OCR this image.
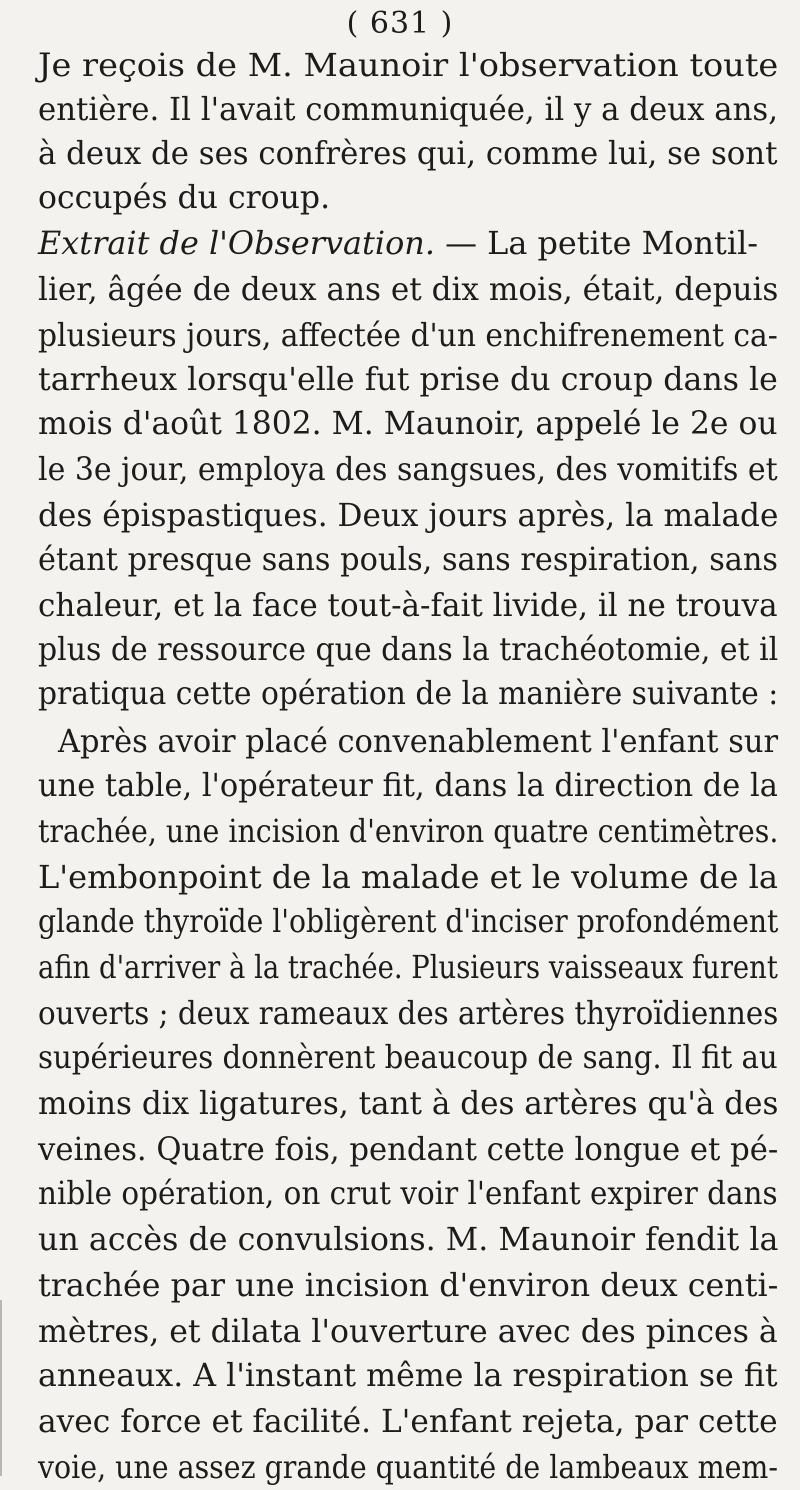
( 631 )
Je reçois de M. Maunoir l'observation toute
entière. Il l'avait communiquée, il y a deux ans,
à deux de ses confrères qui, comme lui, se sont
occupés du croup.
Extrait de l'Observation. — La petite Montil-
lier, âgée de deux ans et dix mois, était, depuis
plusieurs jours, affectée d'un enchifrenement ca-
tarrheux lorsqu'elle fut prise du croup dans le
mois d'août 1802. M. Maunoir, appelé le 2e ou
le 3e jour, employa des sangsues, des vomitifs et
des épispastiques. Deux jours après, la malade
étant presque sans pouls, sans respiration, sans
chaleur, et la face tout-à-fait livide, il ne trouva
plus de ressource que dans la trachéotomie, et il
pratiqua cette opération de la manière suivante :
Après avoir placé convenablement l'enfant sur
une table, l'opérateur fit, dans la direction de la
trachée, une incision d'environ quatre centimètres.
L'embonpoint de la malade et le volume de la
glande thyroïde l'obligèrent d'inciser profondément
afin d'arriver à la trachée. Plusieurs vaisseaux furent
ouverts ; deux rameaux des artères thyroïdiennes
supérieures donnèrent beaucoup de sang. Il fit au
moins dix ligatures, tant à des artères qu'à des
veines. Quatre fois, pendant cette longue et pé-
nible opération, on crut voir l'enfant expirer dans
un accès de convulsions. M. Maunoir fendit la
trachée par une incision d'environ deux centi-
mètres, et dilata l'ouverture avec des pinces à
anneaux. A l'instant même la respiration se fit
avec force et facilité. L'enfant rejeta, par cette
voie, une assez grande quantité de lambeaux mem-
